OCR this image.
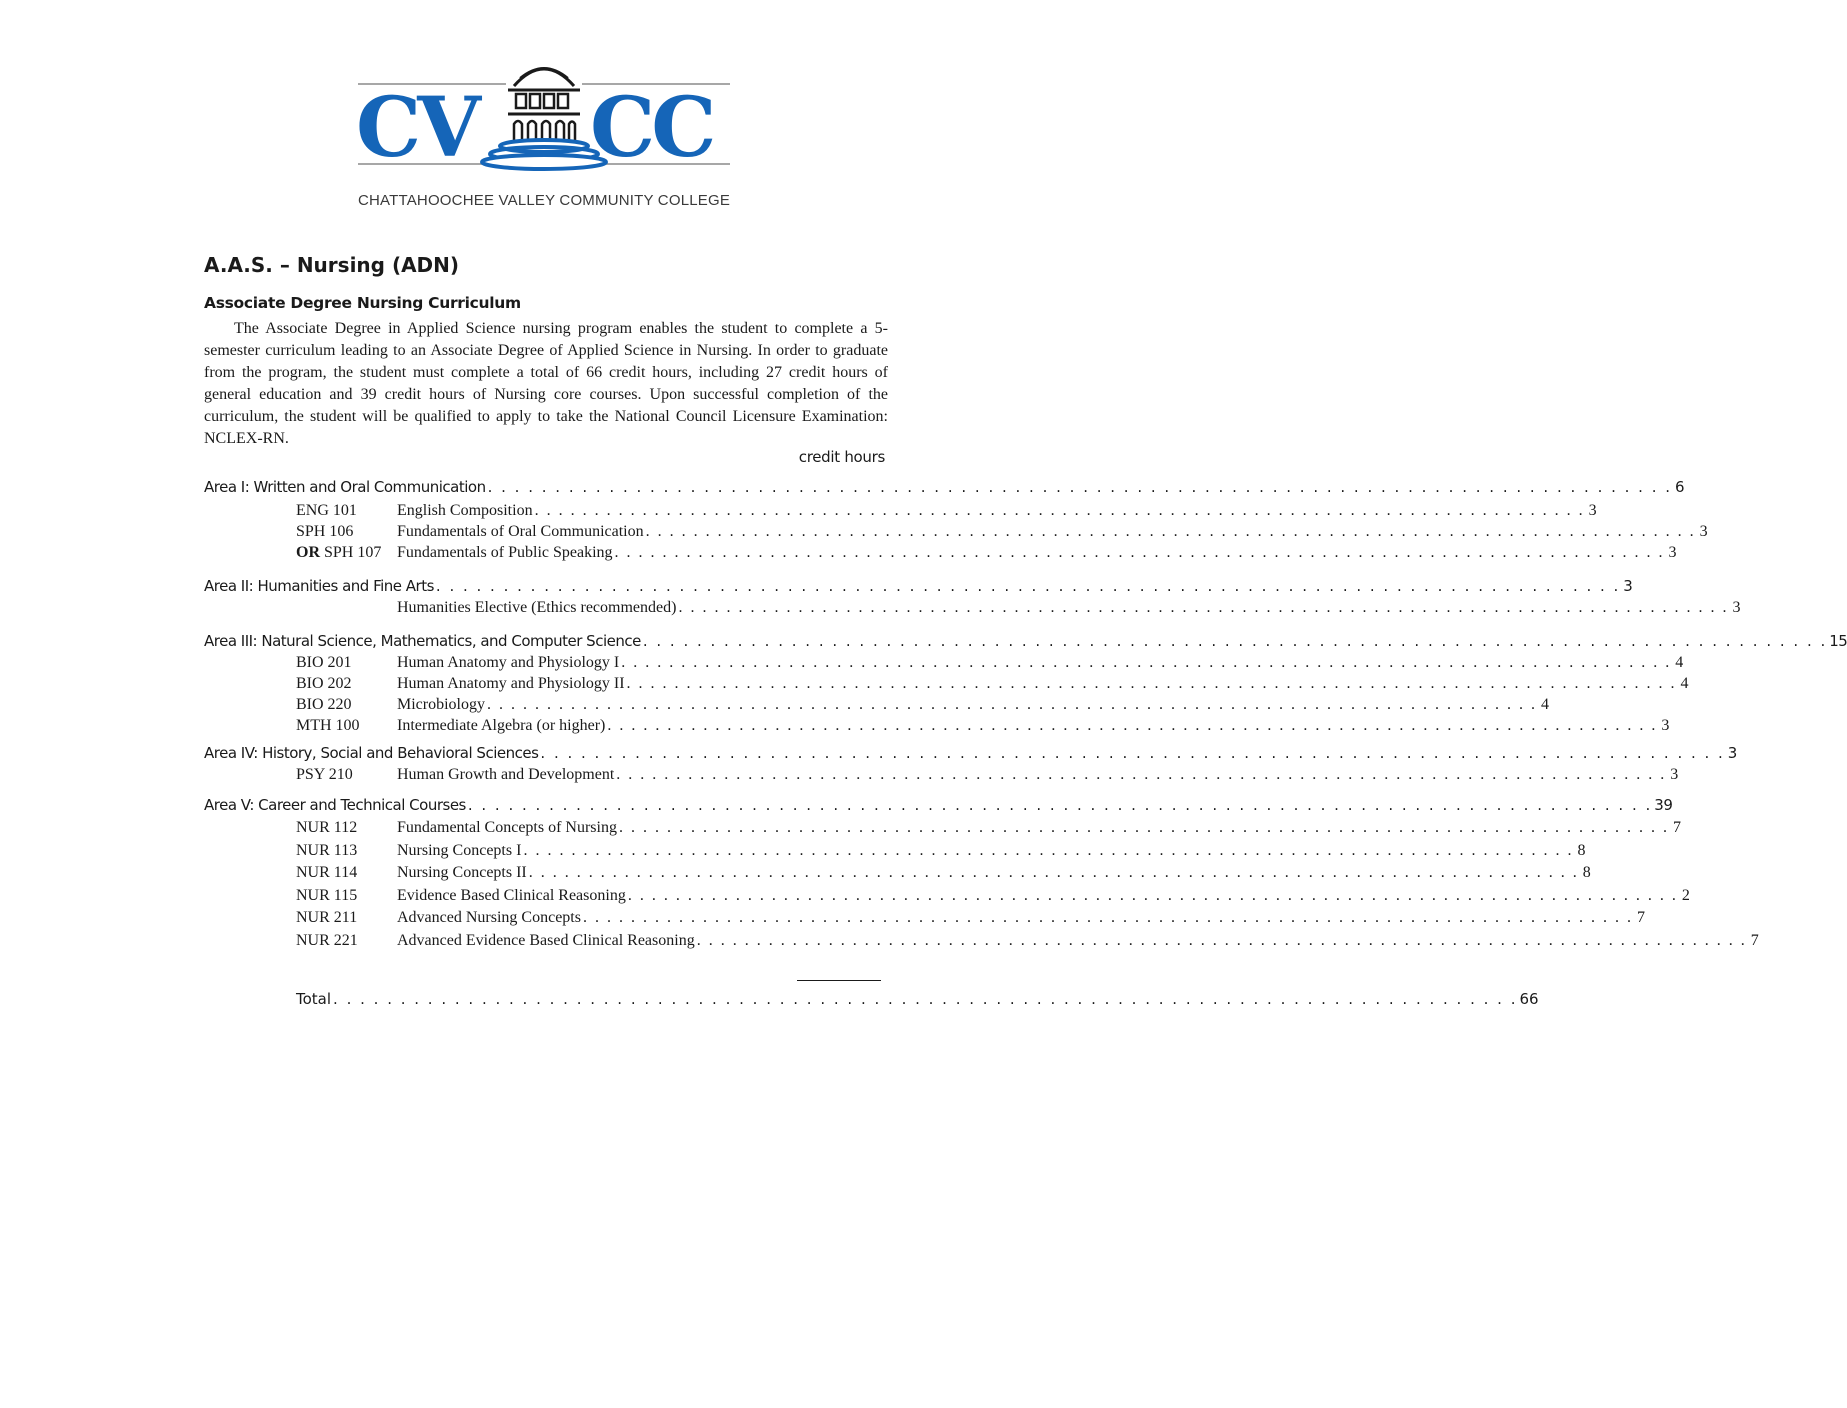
CV CC
CHATTAHOOCHEE VALLEY COMMUNITY COLLEGE
A.A.S. – Nursing (ADN)
Associate Degree Nursing Curriculum

The Associate Degree in Applied Science nursing program enables the student to complete a 5-semester curriculum leading to an Associate Degree of Applied Science in Nursing. In order to graduate from the program, the student must complete a total of 66 credit hours, including 27 credit hours of general education and 39 credit hours of Nursing core courses. Upon successful completion of the curriculum, the student will be qualified to apply to take the National Council Licensure Examination: NCLEX-RN.

credit hours
Area I: Written and Oral Communication . . . . . . . . . . . . . . . . . . . . . . . . . . . . . . . . . . . . . . . . . . . . . . . . . . . . . . . . . . . . . . . . . . . . . . . . . . . . . . . . . . . . . . . . 6
ENG 101	English Composition . . . . . . . . . . . . . . . . . . . . . . . . . . . . . . . . . . . . . . . . . . . . . . . . . . . . . . . . . . . . . . . . . . . . . . . . . . . . . . . . . . . . . . . . 3
SPH 106	Fundamentals of Oral Communication . . . . . . . . . . . . . . . . . . . . . . . . . . . . . . . . . . . . . . . . . . . . . . . . . . . . . . . . . . . . . . . . . . . . . . . . . . . . . . . . . . . . . . . . 3
OR SPH 107 Fundamentals of Public Speaking . . . . . . . . . . . . . . . . . . . . . . . . . . . . . . . . . . . . . . . . . . . . . . . . . . . . . . . . . . . . . . . . . . . . . . . . . . . . . . . . . . . . . . . . 3
Area II: Humanities and Fine Arts . . . . . . . . . . . . . . . . . . . . . . . . . . . . . . . . . . . . . . . . . . . . . . . . . . . . . . . . . . . . . . . . . . . . . . . . . . . . . . . . . . . . . . . . 3
Humanities Elective (Ethics recommended) . . . . . . . . . . . . . . . . . . . . . . . . . . . . . . . . . . . . . . . . . . . . . . . . . . . . . . . . . . . . . . . . . . . . . . . . . . . . . . . . . . . . . . . . 3
Area III: Natural Science, Mathematics, and Computer Science . . . . . . . . . . . . . . . . . . . . . . . . . . . . . . . . . . . . . . . . . . . . . . . . . . . . . . . . . . . . . . . . . . . . . . . . . . . . . . . . . . . . . . . . 15
BIO 201	Human Anatomy and Physiology I . . . . . . . . . . . . . . . . . . . . . . . . . . . . . . . . . . . . . . . . . . . . . . . . . . . . . . . . . . . . . . . . . . . . . . . . . . . . . . . . . . . . . . . . 4
BIO 202	Human Anatomy and Physiology II . . . . . . . . . . . . . . . . . . . . . . . . . . . . . . . . . . . . . . . . . . . . . . . . . . . . . . . . . . . . . . . . . . . . . . . . . . . . . . . . . . . . . . . . 4
BIO 220	Microbiology . . . . . . . . . . . . . . . . . . . . . . . . . . . . . . . . . . . . . . . . . . . . . . . . . . . . . . . . . . . . . . . . . . . . . . . . . . . . . . . . . . . . . . . . 4
MTH 100	Intermediate Algebra (or higher) . . . . . . . . . . . . . . . . . . . . . . . . . . . . . . . . . . . . . . . . . . . . . . . . . . . . . . . . . . . . . . . . . . . . . . . . . . . . . . . . . . . . . . . . 3
Area IV: History, Social and Behavioral Sciences . . . . . . . . . . . . . . . . . . . . . . . . . . . . . . . . . . . . . . . . . . . . . . . . . . . . . . . . . . . . . . . . . . . . . . . . . . . . . . . . . . . . . . . . 3
PSY 210	Human Growth and Development . . . . . . . . . . . . . . . . . . . . . . . . . . . . . . . . . . . . . . . . . . . . . . . . . . . . . . . . . . . . . . . . . . . . . . . . . . . . . . . . . . . . . . . . 3
Area V: Career and Technical Courses . . . . . . . . . . . . . . . . . . . . . . . . . . . . . . . . . . . . . . . . . . . . . . . . . . . . . . . . . . . . . . . . . . . . . . . . . . . . . . . . . . . . . . . . 39
NUR 112	Fundamental Concepts of Nursing . . . . . . . . . . . . . . . . . . . . . . . . . . . . . . . . . . . . . . . . . . . . . . . . . . . . . . . . . . . . . . . . . . . . . . . . . . . . . . . . . . . . . . . . 7
NUR 113	Nursing Concepts I . . . . . . . . . . . . . . . . . . . . . . . . . . . . . . . . . . . . . . . . . . . . . . . . . . . . . . . . . . . . . . . . . . . . . . . . . . . . . . . . . . . . . . . . 8
NUR 114	Nursing Concepts II . . . . . . . . . . . . . . . . . . . . . . . . . . . . . . . . . . . . . . . . . . . . . . . . . . . . . . . . . . . . . . . . . . . . . . . . . . . . . . . . . . . . . . . . 8
NUR 115	Evidence Based Clinical Reasoning . . . . . . . . . . . . . . . . . . . . . . . . . . . . . . . . . . . . . . . . . . . . . . . . . . . . . . . . . . . . . . . . . . . . . . . . . . . . . . . . . . . . . . . . 2
NUR 211	Advanced Nursing Concepts . . . . . . . . . . . . . . . . . . . . . . . . . . . . . . . . . . . . . . . . . . . . . . . . . . . . . . . . . . . . . . . . . . . . . . . . . . . . . . . . . . . . . . . . 7
NUR 221	Advanced Evidence Based Clinical Reasoning . . . . . . . . . . . . . . . . . . . . . . . . . . . . . . . . . . . . . . . . . . . . . . . . . . . . . . . . . . . . . . . . . . . . . . . . . . . . . . . . . . . . . . . . 7
Total . . . . . . . . . . . . . . . . . . . . . . . . . . . . . . . . . . . . . . . . . . . . . . . . . . . . . . . . . . . . . . . . . . . . . . . . . . . . . . . . . . . . . . . . 66
